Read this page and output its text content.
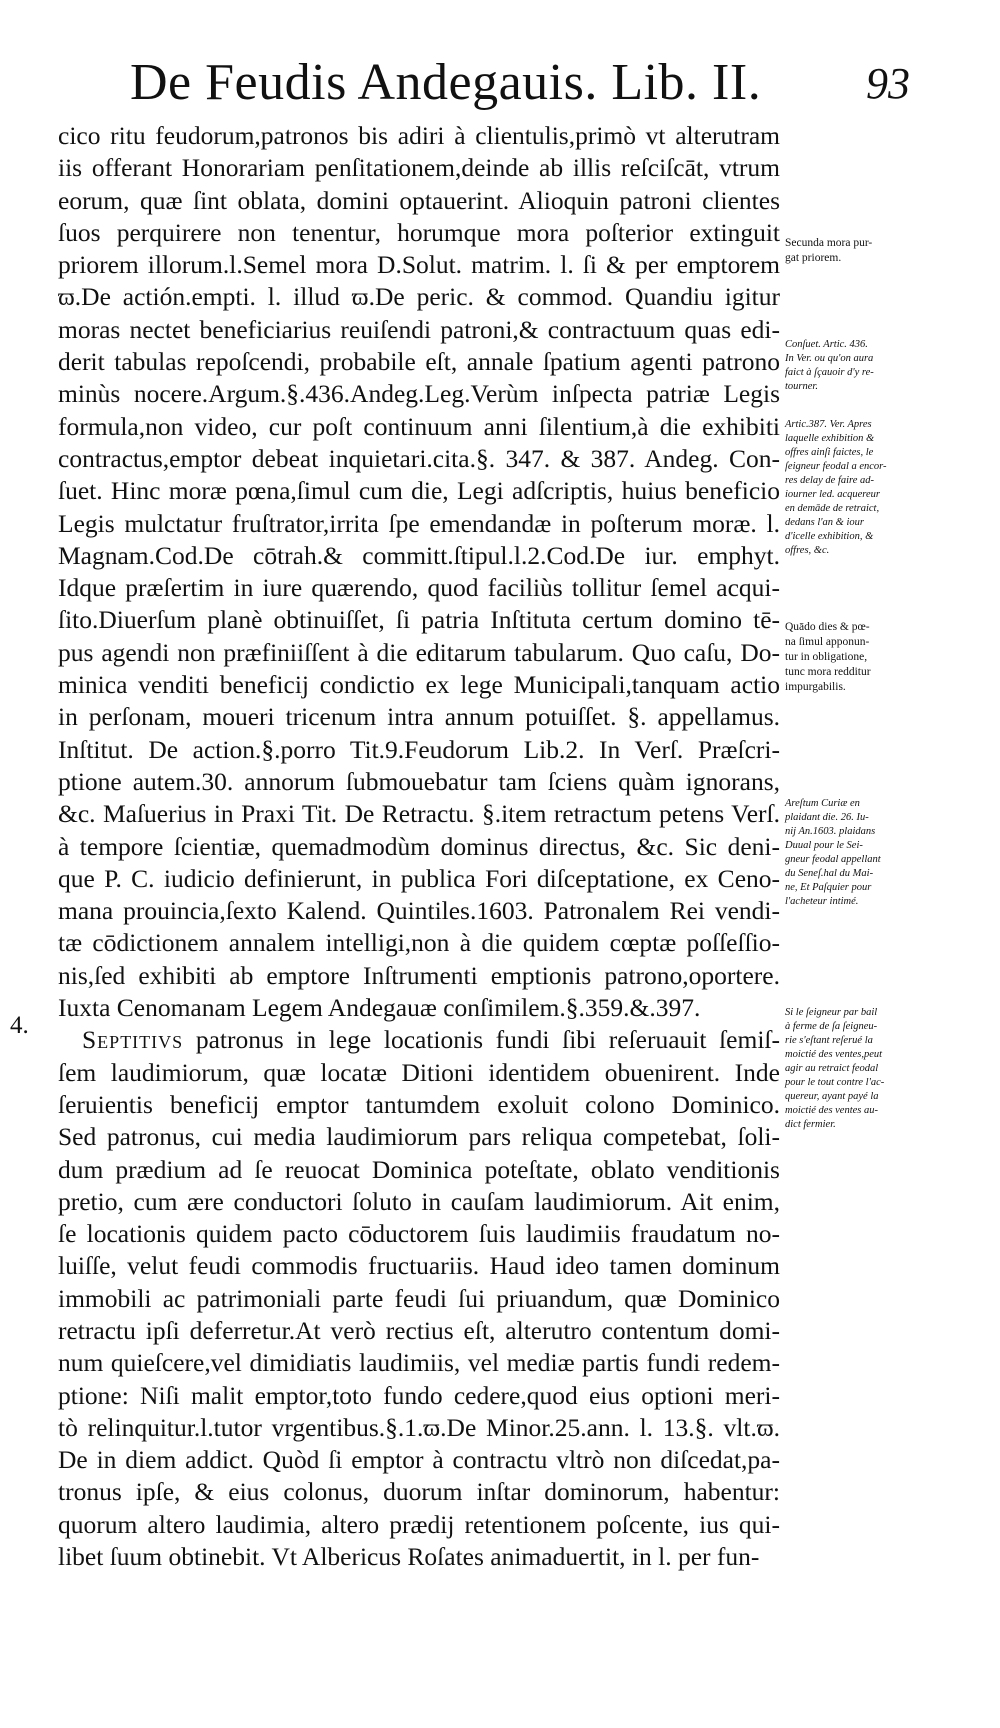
De Feudis Andegauis. Lib. II. 93
cico ritu feudorum,patronos bis adiri à clientulis,primò vt alterutram
iis offerant Honorariam penſitationem,deinde ab illis reſciſcāt, vtrum
eorum, quæ ſint oblata, domini optauerint. Alioquin patroni clientes
ſuos perquirere non tenentur, horumque mora poſterior extinguit
priorem illorum.l.Semel mora D.Solut. matrim. l. ſi & per emptorem
ϖ.De actión.empti. l. illud ϖ.De peric. & commod. Quandiu igitur
moras nectet beneficiarius reuiſendi patroni,& contractuum quas edi-
derit tabulas repoſcendi, probabile eſt, annale ſpatium agenti patrono
minùs nocere.Argum.§.436.Andeg.Leg.Verùm inſpecta patriæ Legis
formula,non video, cur poſt continuum anni ſilentium,à die exhibiti
contractus,emptor debeat inquietari.cita.§. 347. & 387. Andeg. Con-
ſuet. Hinc moræ pœna,ſimul cum die, Legi adſcriptis, huius beneficio
Legis mulctatur fruſtrator,irrita ſpe emendandæ in poſterum moræ. l.
Magnam.Cod.De cōtrah.& committ.ſtipul.l.2.Cod.De iur. emphyt.
Idque præſertim in iure quærendo, quod faciliùs tollitur ſemel acqui-
ſito.Diuerſum planè obtinuiſſet, ſi patria Inſtituta certum domino tē-
pus agendi non præfiniiſſent à die editarum tabularum. Quo caſu, Do-
minica venditi beneficij condictio ex lege Municipali,tanquam actio
in perſonam, moueri tricenum intra annum potuiſſet. §. appellamus.
Inſtitut. De action.§.porro Tit.9.Feudorum Lib.2. In Verſ. Præſcri-
ptione autem.30. annorum ſubmouebatur tam ſciens quàm ignorans,
&c. Maſuerius in Praxi Tit. De Retractu. §.item retractum petens Verſ.
à tempore ſcientiæ, quemadmodùm dominus directus, &c. Sic deni-
que P. C. iudicio definierunt, in publica Fori diſceptatione, ex Ceno-
mana prouincia,ſexto Kalend. Quintiles.1603. Patronalem Rei vendi-
tæ cōdictionem annalem intelligi,non à die quidem cœptæ poſſeſſio-
nis,ſed exhibiti ab emptore Inſtrumenti emptionis patrono,oportere.
Iuxta Cenomanam Legem Andegauæ conſimilem.§.359.&.397.
Septitivs patronus in lege locationis fundi ſibi reſeruauit ſemiſ-
ſem laudimiorum, quæ locatæ Ditioni identidem obuenirent. Inde
ſeruientis beneficij emptor tantumdem exoluit colono Dominico.
Sed patronus, cui media laudimiorum pars reliqua competebat, ſoli-
dum prædium ad ſe reuocat Dominica poteſtate, oblato venditionis
pretio, cum ære conductori ſoluto in cauſam laudimiorum. Ait enim,
ſe locationis quidem pacto cōductorem ſuis laudimiis fraudatum no-
luiſſe, velut feudi commodis fructuariis. Haud ideo tamen dominum
immobili ac patrimoniali parte feudi ſui priuandum, quæ Dominico
retractu ipſi deferretur.At verò rectius eſt, alterutro contentum domi-
num quieſcere,vel dimidiatis laudimiis, vel mediæ partis fundi redem-
ptione: Niſi malit emptor,toto fundo cedere,quod eius optioni meri-
tò relinquitur.l.tutor vrgentibus.§.1.ϖ.De Minor.25.ann. l. 13.§. vlt.ϖ.
De in diem addict. Quòd ſi emptor à contractu vltrò non diſcedat,pa-
tronus ipſe, & eius colonus, duorum inſtar dominorum, habentur:
quorum altero laudimia, altero prædij retentionem poſcente, ius qui-
libet ſuum obtinebit. Vt Albericus Roſates animaduertit, in l. per fun-
4.
Secunda mora pur-
gat priorem.
Conſuet. Artic. 436.
In Ver. ou qu'on aura
faict à ſçauoir d'y re-
tourner.
Artic.387. Ver. Apres
laquelle exhibition &
offres ainſi faictes, le
ſeigneur feodal a encor-
res delay de faire ad-
iourner led. acquereur
en demāde de retraict,
dedans l'an & iour
d'icelle exhibition, &
offres, &c.
Quādo dies & pœ-
na ſimul apponun-
tur in obligatione,
tunc mora redditur
impurgabilis.
Areſtum Curiæ en
plaidant die. 26. Iu-
nij An.1603. plaidans
Duual pour le Sei-
gneur feodal appellant
du Seneſ.hal du Mai-
ne, Et Paſquier pour
l'acheteur intimé.
Si le ſeigneur par bail
à ferme de ſa ſeigneu-
rie s'eſtant reſerué la
moictié des ventes,peut
agir au retraict feodal
pour le tout contre l'ac-
quereur, ayant payé la
moictié des ventes au-
dict fermier.
